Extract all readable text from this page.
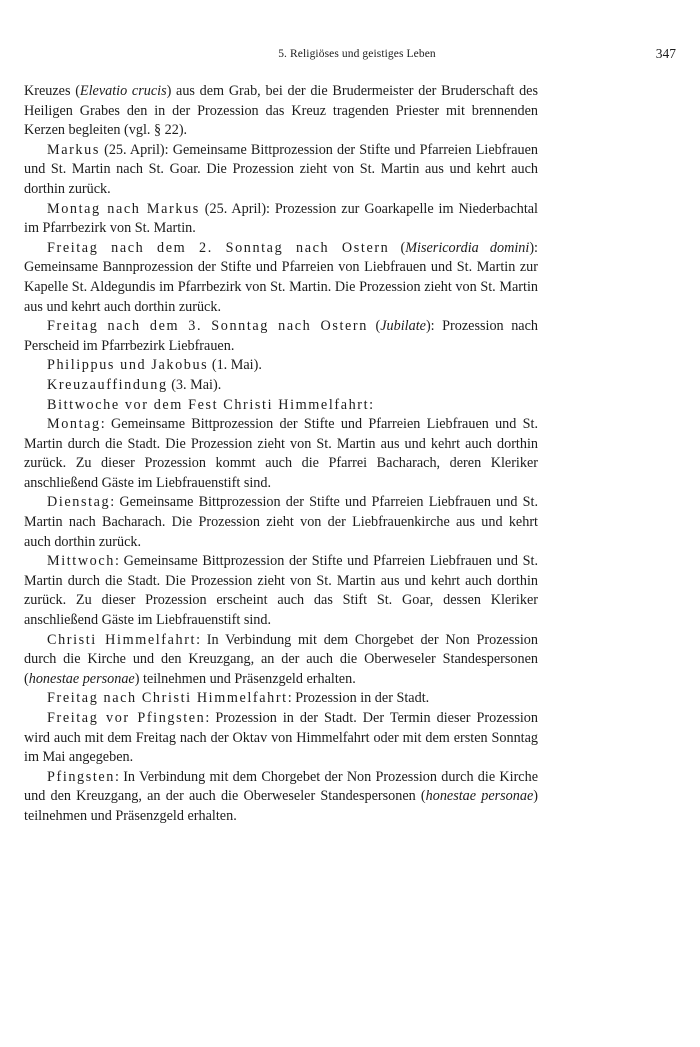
5. Religiöses und geistiges Leben	347

Kreuzes (Elevatio crucis) aus dem Grab, bei der die Brudermeister der Bruderschaft des Heiligen Grabes den in der Prozession das Kreuz tragenden Priester mit brennenden Kerzen begleiten (vgl. § 22).

Markus (25. April): Gemeinsame Bittprozession der Stifte und Pfarreien Liebfrauen und St. Martin nach St. Goar. Die Prozession zieht von St. Martin aus und kehrt auch dorthin zurück.

Montag nach Markus (25. April): Prozession zur Goarkapelle im Niederbachtal im Pfarrbezirk von St. Martin.

Freitag nach dem 2. Sonntag nach Ostern (Misericordia domini): Gemeinsame Bannprozession der Stifte und Pfarreien von Liebfrauen und St. Martin zur Kapelle St. Aldegundis im Pfarrbezirk von St. Martin. Die Prozession zieht von St. Martin aus und kehrt auch dorthin zurück.

Freitag nach dem 3. Sonntag nach Ostern (Jubilate): Prozession nach Perscheid im Pfarrbezirk Liebfrauen.

Philippus und Jakobus (1. Mai).

Kreuzauffindung (3. Mai).

Bittwoche vor dem Fest Christi Himmelfahrt:

Montag: Gemeinsame Bittprozession der Stifte und Pfarreien Liebfrauen und St. Martin durch die Stadt. Die Prozession zieht von St. Martin aus und kehrt auch dorthin zurück. Zu dieser Prozession kommt auch die Pfarrei Bacharach, deren Kleriker anschließend Gäste im Liebfrauenstift sind.

Dienstag: Gemeinsame Bittprozession der Stifte und Pfarreien Liebfrauen und St. Martin nach Bacharach. Die Prozession zieht von der Liebfrauenkirche aus und kehrt auch dorthin zurück.

Mittwoch: Gemeinsame Bittprozession der Stifte und Pfarreien Liebfrauen und St. Martin durch die Stadt. Die Prozession zieht von St. Martin aus und kehrt auch dorthin zurück. Zu dieser Prozession erscheint auch das Stift St. Goar, dessen Kleriker anschließend Gäste im Liebfrauenstift sind.

Christi Himmelfahrt: In Verbindung mit dem Chorgebet der Non Prozession durch die Kirche und den Kreuzgang, an der auch die Oberweseler Standespersonen (honestae personae) teilnehmen und Präsenzgeld erhalten.

Freitag nach Christi Himmelfahrt: Prozession in der Stadt.

Freitag vor Pfingsten: Prozession in der Stadt. Der Termin dieser Prozession wird auch mit dem Freitag nach der Oktav von Himmelfahrt oder mit dem ersten Sonntag im Mai angegeben.

Pfingsten: In Verbindung mit dem Chorgebet der Non Prozession durch die Kirche und den Kreuzgang, an der auch die Oberweseler Standespersonen (honestae personae) teilnehmen und Präsenzgeld erhalten.
